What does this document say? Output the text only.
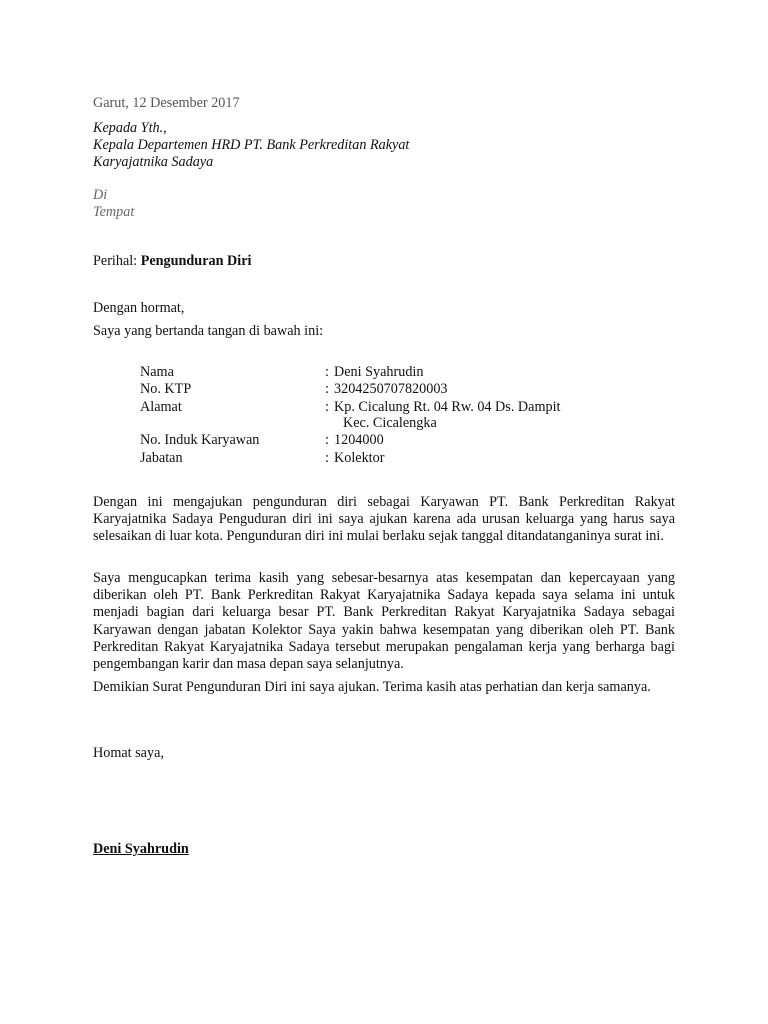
Garut, 12 Desember 2017
Kepada Yth.,
Kepala Departemen HRD PT. Bank Perkreditan Rakyat
Karyajatnika Sadaya
Di
Tempat
Perihal: Pengunduran Diri
Dengan hormat,
Saya yang bertanda tangan di bawah ini:
Nama	: Deni Syahrudin
No. KTP	: 3204250707820003
Alamat	: Kp. Cicalung Rt. 04 Rw. 04 Ds. Dampit
Kec. Cicalengka
No. Induk Karyawan	: 1204000
Jabatan	: Kolektor

Dengan ini mengajukan pengunduran diri sebagai Karyawan PT. Bank Perkreditan Rakyat Karyajatnika Sadaya Penguduran diri ini saya ajukan karena ada urusan keluarga yang harus saya selesaikan di luar kota. Pengunduran diri ini mulai berlaku sejak tanggal ditandatanganinya surat ini.

Saya mengucapkan terima kasih yang sebesar-besarnya atas kesempatan dan kepercayaan yang diberikan oleh PT. Bank Perkreditan Rakyat Karyajatnika Sadaya kepada saya selama ini untuk menjadi bagian dari keluarga besar PT. Bank Perkreditan Rakyat Karyajatnika Sadaya sebagai Karyawan dengan jabatan Kolektor Saya yakin bahwa kesempatan yang diberikan oleh PT. Bank Perkreditan Rakyat Karyajatnika Sadaya tersebut merupakan pengalaman kerja yang berharga bagi pengembangan karir dan masa depan saya selanjutnya.

Demikian Surat Pengunduran Diri ini saya ajukan. Terima kasih atas perhatian dan kerja samanya.

Homat saya,
Deni Syahrudin
